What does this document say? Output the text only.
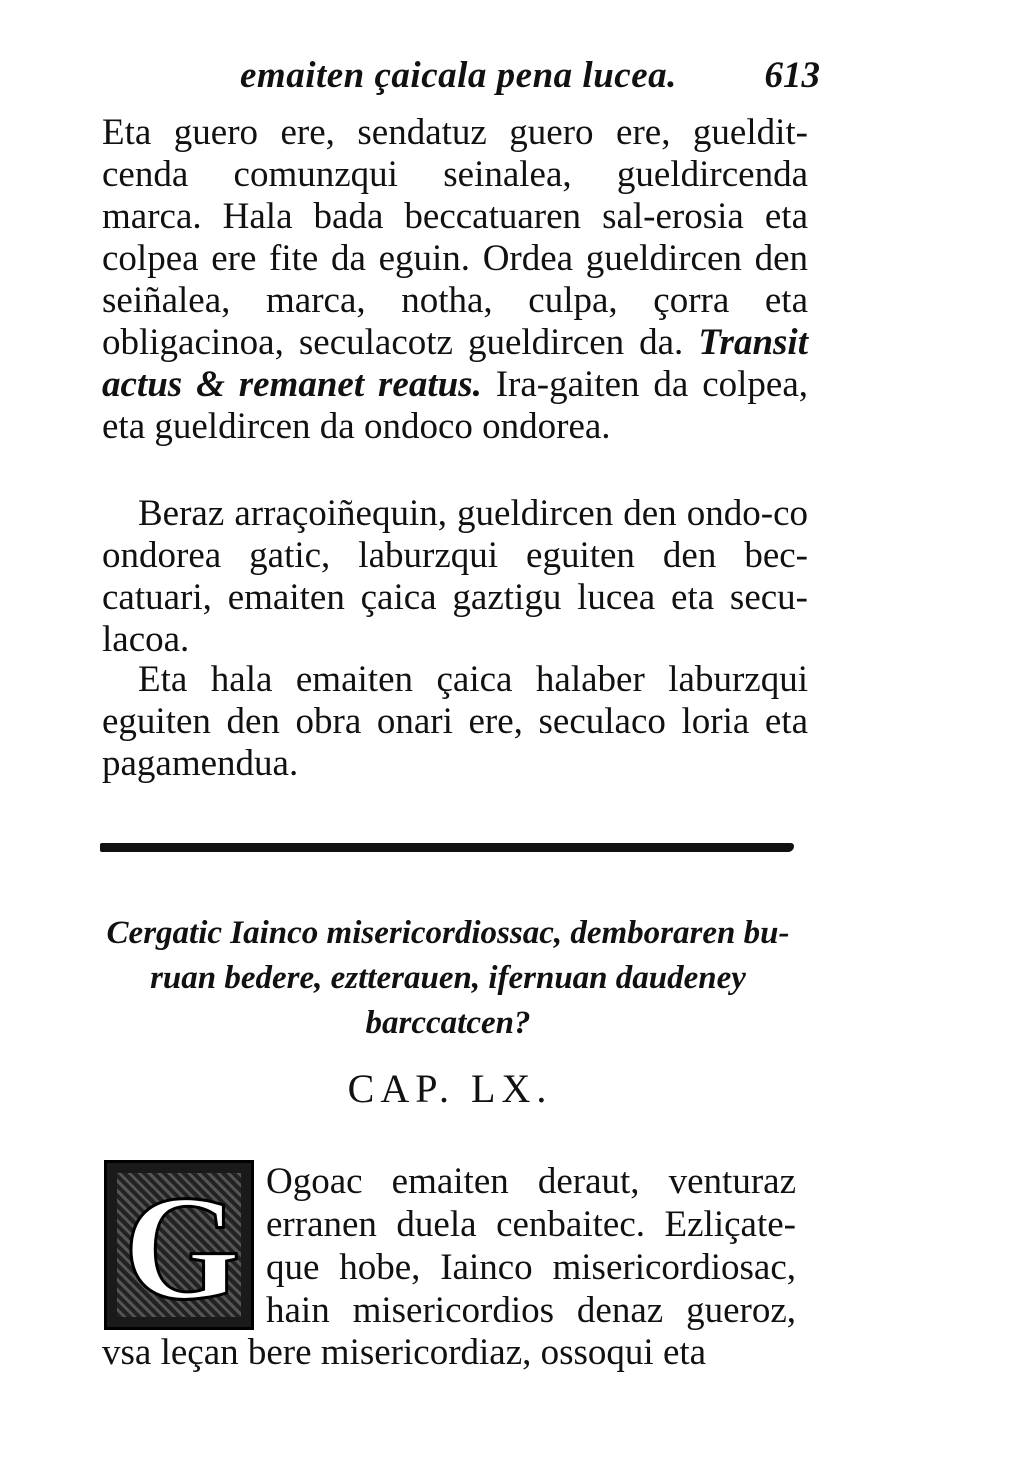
emaiten çaicala pena lucea. 613

Eta guero ere, sendatuz guero ere, gueldit-cenda comunzqui seinalea, gueldircenda marca. Hala bada beccatuaren sal-erosia eta colpea ere fite da eguin. Ordea gueldircen den seiñalea, marca, notha, culpa, çorra eta obligacinoa, seculacotz gueldircen da. Transit actus & remanet reatus. Ira-gaiten da colpea, eta gueldircen da ondoco ondorea.

Beraz arraçoiñequin, gueldircen den ondo-co ondorea gatic, laburzqui eguiten den bec-catuari, emaiten çaica gaztigu lucea eta secu-lacoa.

Eta hala emaiten çaica halaber laburzqui eguiten den obra onari ere, seculaco loria eta pagamendua.

Cergatic Iainco misericordiossac, demboraren bu-ruan bedere, eztterauen, ifernuan daudeney barccatcen?
CAP. LX.
G Ogoac emaiten deraut, venturaz
erranen duela cenbaitec. Ezliçate-
que hobe, Iainco misericordiosac,
hain misericordios denaz gueroz,
vsa leçan bere misericordiaz, ossoqui eta
